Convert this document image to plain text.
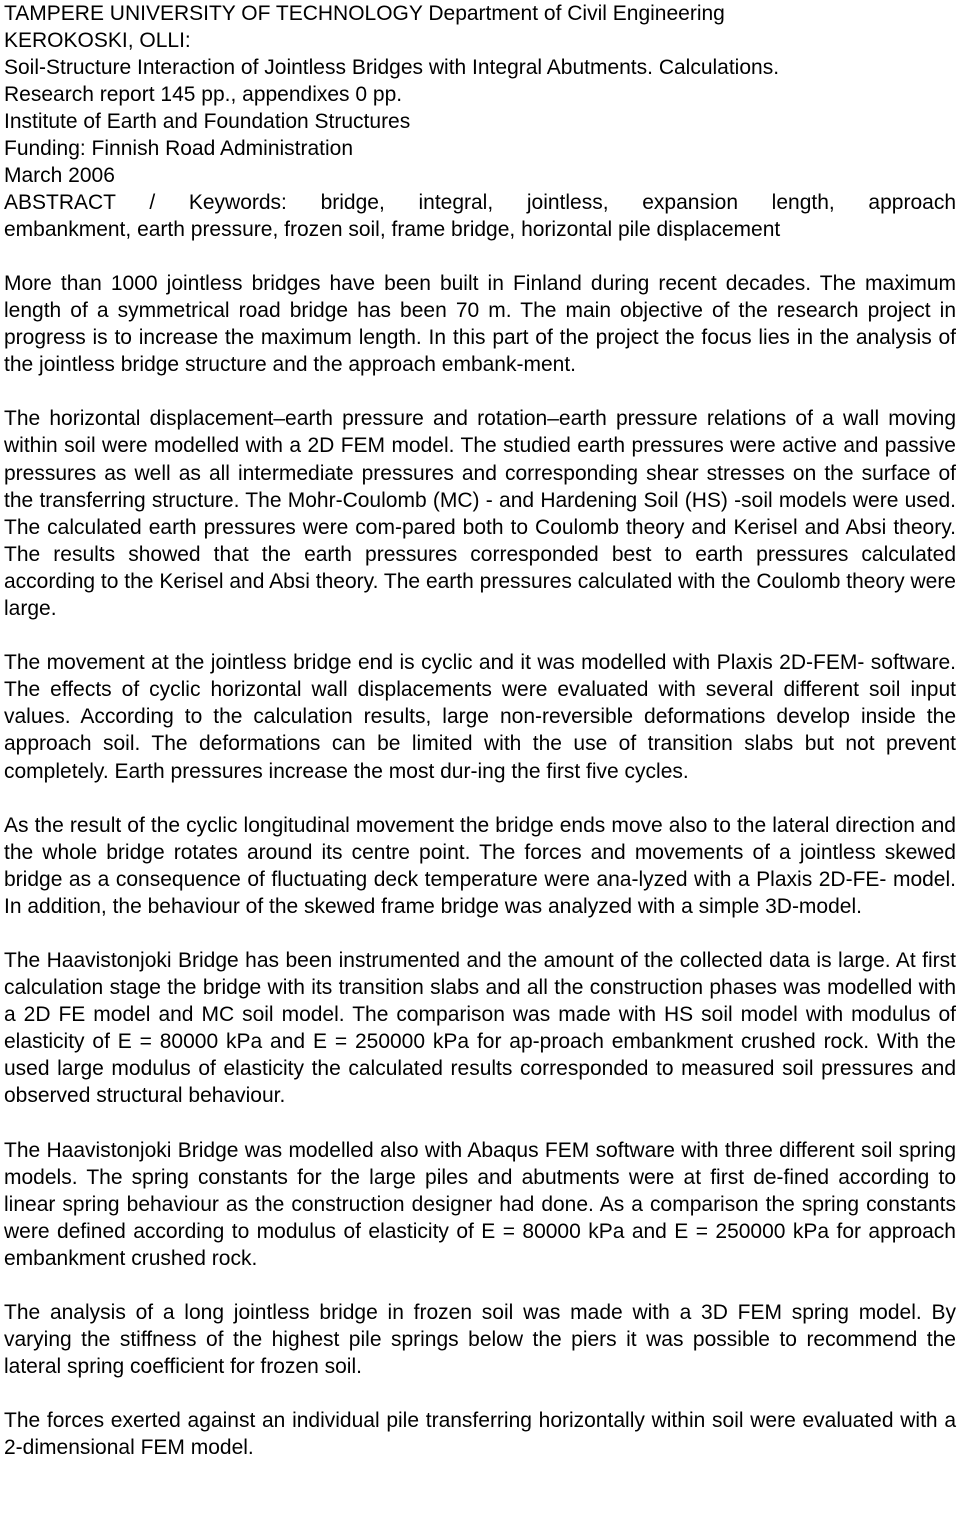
TAMPERE UNIVERSITY OF TECHNOLOGY Department of Civil Engineering
KEROKOSKI, OLLI:
Soil-Structure Interaction of Jointless Bridges with Integral Abutments. Calculations.
Research report 145 pp., appendixes 0 pp.
Institute of Earth and Foundation Structures
Funding: Finnish Road Administration
March 2006
ABSTRACT / Keywords: bridge, integral, jointless, expansion length, approach
embankment, earth pressure, frozen soil, frame bridge, horizontal pile displacement

More than 1000 jointless bridges have been built in Finland during recent decades. The maximum length of a symmetrical road bridge has been 70 m. The main objective of the research project in progress is to increase the maximum length. In this part of the project the focus lies in the analysis of the jointless bridge structure and the approach embank-ment.

The horizontal displacement–earth pressure and rotation–earth pressure relations of a wall moving within soil were modelled with a 2D FEM model. The studied earth pressures were active and passive pressures as well as all intermediate pressures and corresponding shear stresses on the surface of the transferring structure. The Mohr-Coulomb (MC) - and Hardening Soil (HS) -soil models were used. The calculated earth pressures were com-pared both to Coulomb theory and Kerisel and Absi theory. The results showed that the earth pressures corresponded best to earth pressures calculated according to the Kerisel and Absi theory. The earth pressures calculated with the Coulomb theory were large.

The movement at the jointless bridge end is cyclic and it was modelled with Plaxis 2D-FEM- software. The effects of cyclic horizontal wall displacements were evaluated with several different soil input values. According to the calculation results, large non-reversible deformations develop inside the approach soil. The deformations can be limited with the use of transition slabs but not prevent completely. Earth pressures increase the most dur-ing the first five cycles.

As the result of the cyclic longitudinal movement the bridge ends move also to the lateral direction and the whole bridge rotates around its centre point. The forces and movements of a jointless skewed bridge as a consequence of fluctuating deck temperature were ana-lyzed with a Plaxis 2D-FE- model. In addition, the behaviour of the skewed frame bridge was analyzed with a simple 3D-model.

The Haavistonjoki Bridge has been instrumented and the amount of the collected data is large. At first calculation stage the bridge with its transition slabs and all the construction phases was modelled with a 2D FE model and MC soil model. The comparison was made with HS soil model with modulus of elasticity of E = 80000 kPa and E = 250000 kPa for ap-proach embankment crushed rock. With the used large modulus of elasticity the calculated results corresponded to measured soil pressures and observed structural behaviour.

The Haavistonjoki Bridge was modelled also with Abaqus FEM software with three different soil spring models. The spring constants for the large piles and abutments were at first de-fined according to linear spring behaviour as the construction designer had done. As a comparison the spring constants were defined according to modulus of elasticity of E = 80000 kPa and E = 250000 kPa for approach embankment crushed rock.

The analysis of a long jointless bridge in frozen soil was made with a 3D FEM spring model. By varying the stiffness of the highest pile springs below the piers it was possible to recommend the lateral spring coefficient for frozen soil.

The forces exerted against an individual pile transferring horizontally within soil were evaluated with a 2-dimensional FEM model.
